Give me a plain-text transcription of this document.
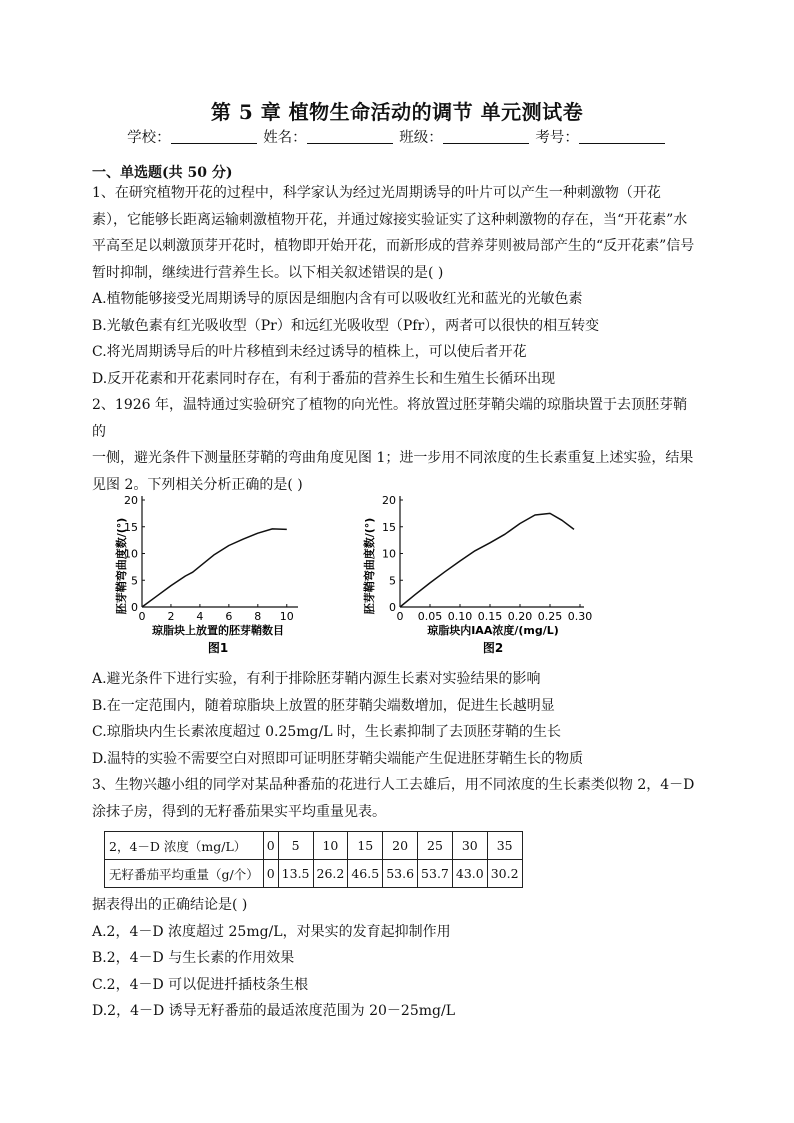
第 5 章 植物生命活动的调节 单元测试卷
学校：	姓名：	班级：	考号：
一、单选题(共 50 分)

1、在研究植物开花的过程中，科学家认为经过光周期诱导的叶片可以产生一种刺激物（开花

素），它能够长距离运输刺激植物开花，并通过嫁接实验证实了这种刺激物的存在，当“开花素”水

平高至足以刺激顶芽开花时，植物即开始开花，而新形成的营养芽则被局部产生的“反开花素”信号

暂时抑制，继续进行营养生长。以下相关叙述错误的是( )

A.植物能够接受光周期诱导的原因是细胞内含有可以吸收红光和蓝光的光敏色素

B.光敏色素有红光吸收型（Pr）和远红光吸收型（Pfr），两者可以很快的相互转变

C.将光周期诱导后的叶片移植到未经过诱导的植株上，可以使后者开花

D.反开花素和开花素同时存在，有利于番茄的营养生长和生殖生长循环出现

2、1926 年，温特通过实验研究了植物的向光性。将放置过胚芽鞘尖端的琼脂块置于去顶胚芽鞘的

一侧，避光条件下测量胚芽鞘的弯曲角度见图 1；进一步用不同浓度的生长素重复上述实验，结果

见图 2。下列相关分析正确的是( )

胚芽鞘弯曲度数/(°) 0
5
10
15
20
0 2 4 6 8 10
琼脂块上放置的胚芽鞘数目
图1
胚芽鞘弯曲度数/(°) 0
5
10
15
20
0 0.05 0.10 0.15 0.20 0.25 0.30
琼脂块内IAA浓度/(mg/L)
图2

A.避光条件下进行实验，有利于排除胚芽鞘内源生长素对实验结果的影响

B.在一定范围内，随着琼脂块上放置的胚芽鞘尖端数增加，促进生长越明显

C.琼脂块内生长素浓度超过 0.25mg/L 时，生长素抑制了去顶胚芽鞘的生长

D.温特的实验不需要空白对照即可证明胚芽鞘尖端能产生促进胚芽鞘生长的物质

3、生物兴趣小组的同学对某品种番茄的花进行人工去雄后，用不同浓度的生长素类似物 2，4－D

涂抹子房，得到的无籽番茄果实平均重量见表。

2，4－D 浓度（mg/L）	0	5	10	15	20	25	30	35
无籽番茄平均重量（g/个）	0	13.5	26.2	46.5	53.6	53.7	43.0	30.2

据表得出的正确结论是( )

A.2，4－D 浓度超过 25mg/L，对果实的发育起抑制作用

B.2，4－D 与生长素的作用效果

C.2，4－D 可以促进扦插枝条生根

D.2，4－D 诱导无籽番茄的最适浓度范围为 20－25mg/L
